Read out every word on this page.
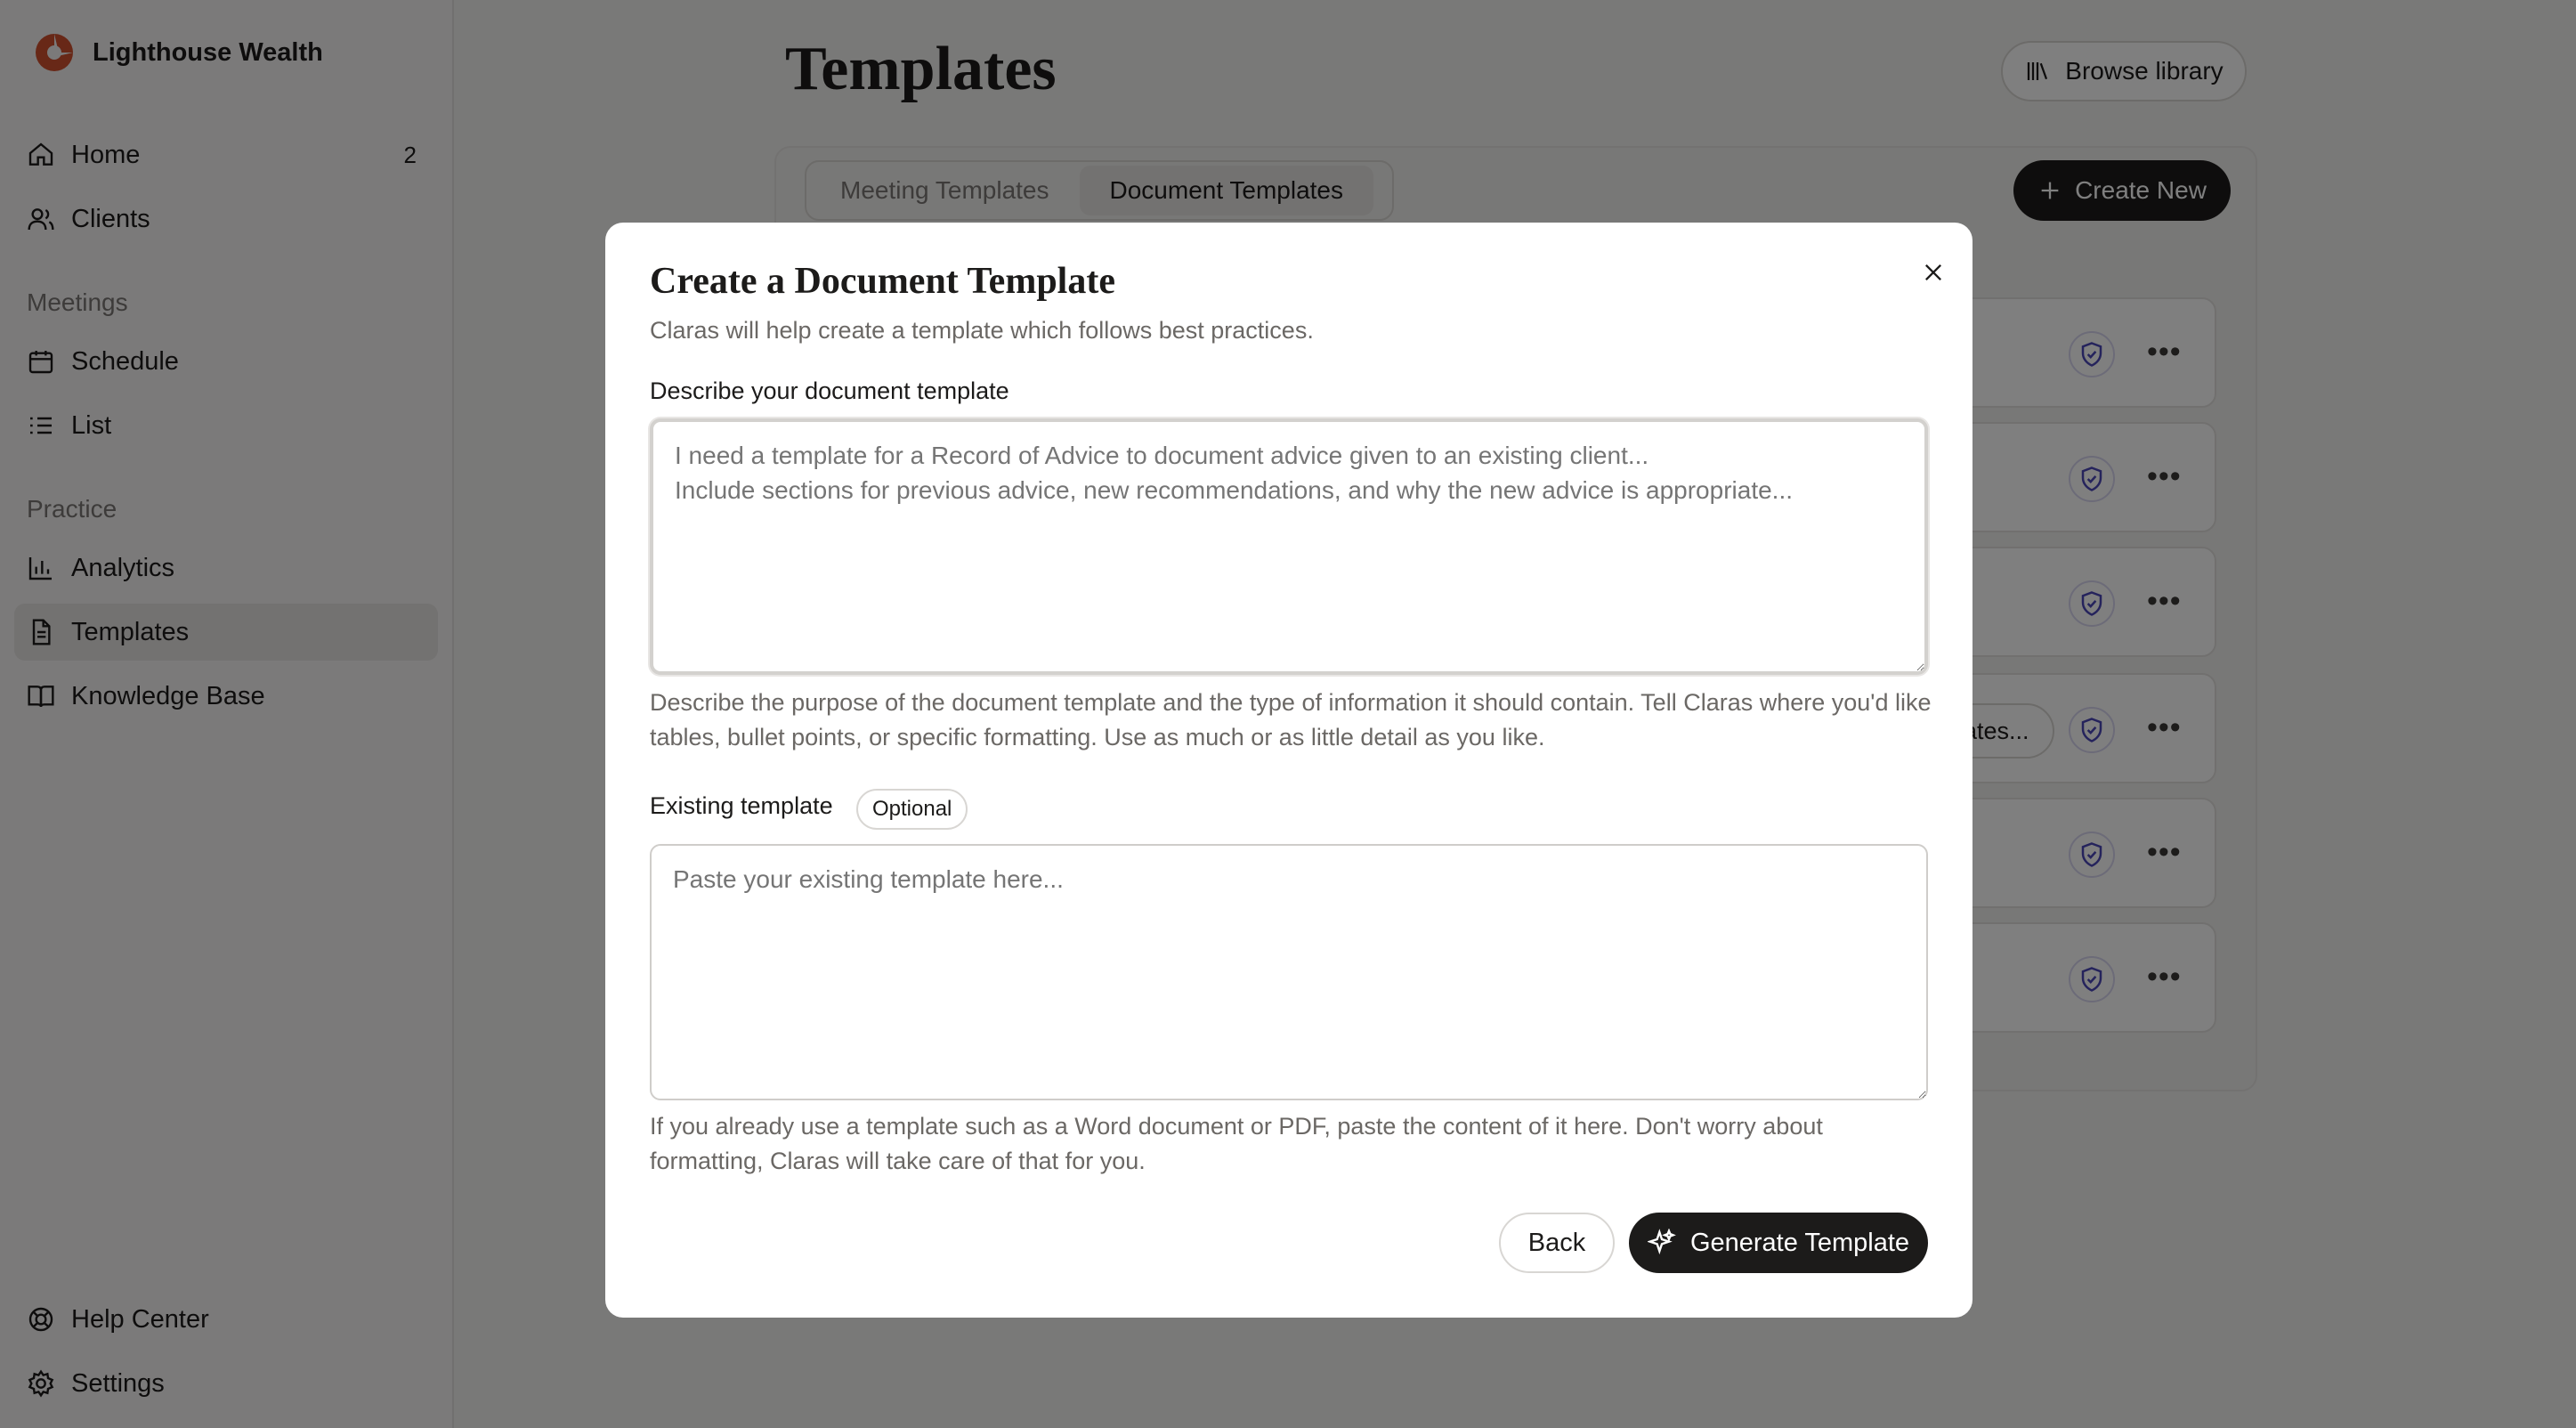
Create a Document Template

Claras will help create a template which follows best practices.

Describe your document template
I need a template for a Record of Advice to document advice given to an existing client... Include sections for previous advice, new recommendations, and why the new advice is appropriate...

Describe the purpose of the document template and the type of information it should contain. Tell Claras where you'd like tables, bullet points, or specific formatting. Use as much or as little detail as you like.

Existing template	Optional
Paste your existing template here...

If you already use a template such as a Word document or PDF, paste the content of it here. Don't worry about formatting, Claras will take care of that for you.

Back	Generate Template
